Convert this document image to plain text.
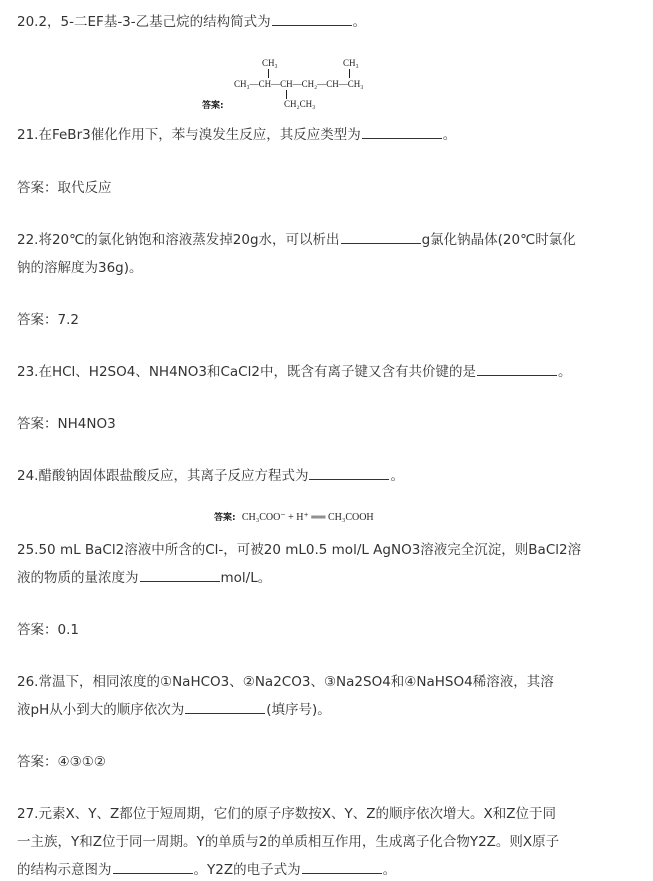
20.2，5-二EF基-3-乙基己烷的结构简式为	。
CH₃	CH₃
CH₃—CH—CH—CH₂—CH—CH₃
答案:	CH₂CH₃
21.在FeBr3催化作用下，苯与溴发生反应，其反应类型为	。
答案：取代反应
22.将20℃的氯化钠饱和溶液蒸发掉20g水，可以析出	g氯化钠晶体(20℃时氯化
钠的溶解度为36g)。
答案：7.2
23.在HCl、H2SO4、NH4NO3和CaCl2中，既含有离子键又含有共价键的是	。
答案：NH4NO3
24.醋酸钠固体跟盐酸反应，其离子反应方程式为	。
答案: CH₃COO⁻ + H⁺ ══ CH₃COOH
25.50 mL BaCl2溶液中所含的Cl-，可被20 mL0.5 mol/L AgNO3溶液完全沉淀，则BaCl2溶
液的物质的量浓度为	mol/L。
答案：0.1
26.常温下，相同浓度的①NaHCO3、②Na2CO3、③Na2SO4和④NaHSO4稀溶液，其溶
液pH从小到大的顺序依次为	(填序号)。
答案：④③①②
27.元素X、Y、Z都位于短周期，它们的原子序数按X、Y、Z的顺序依次增大。X和Z位于同
一主族，Y和Z位于同一周期。Y的单质与2的单质相互作用，生成离子化合物Y2Z。则X原子
的结构示意图为	。Y2Z的电子式为	。
